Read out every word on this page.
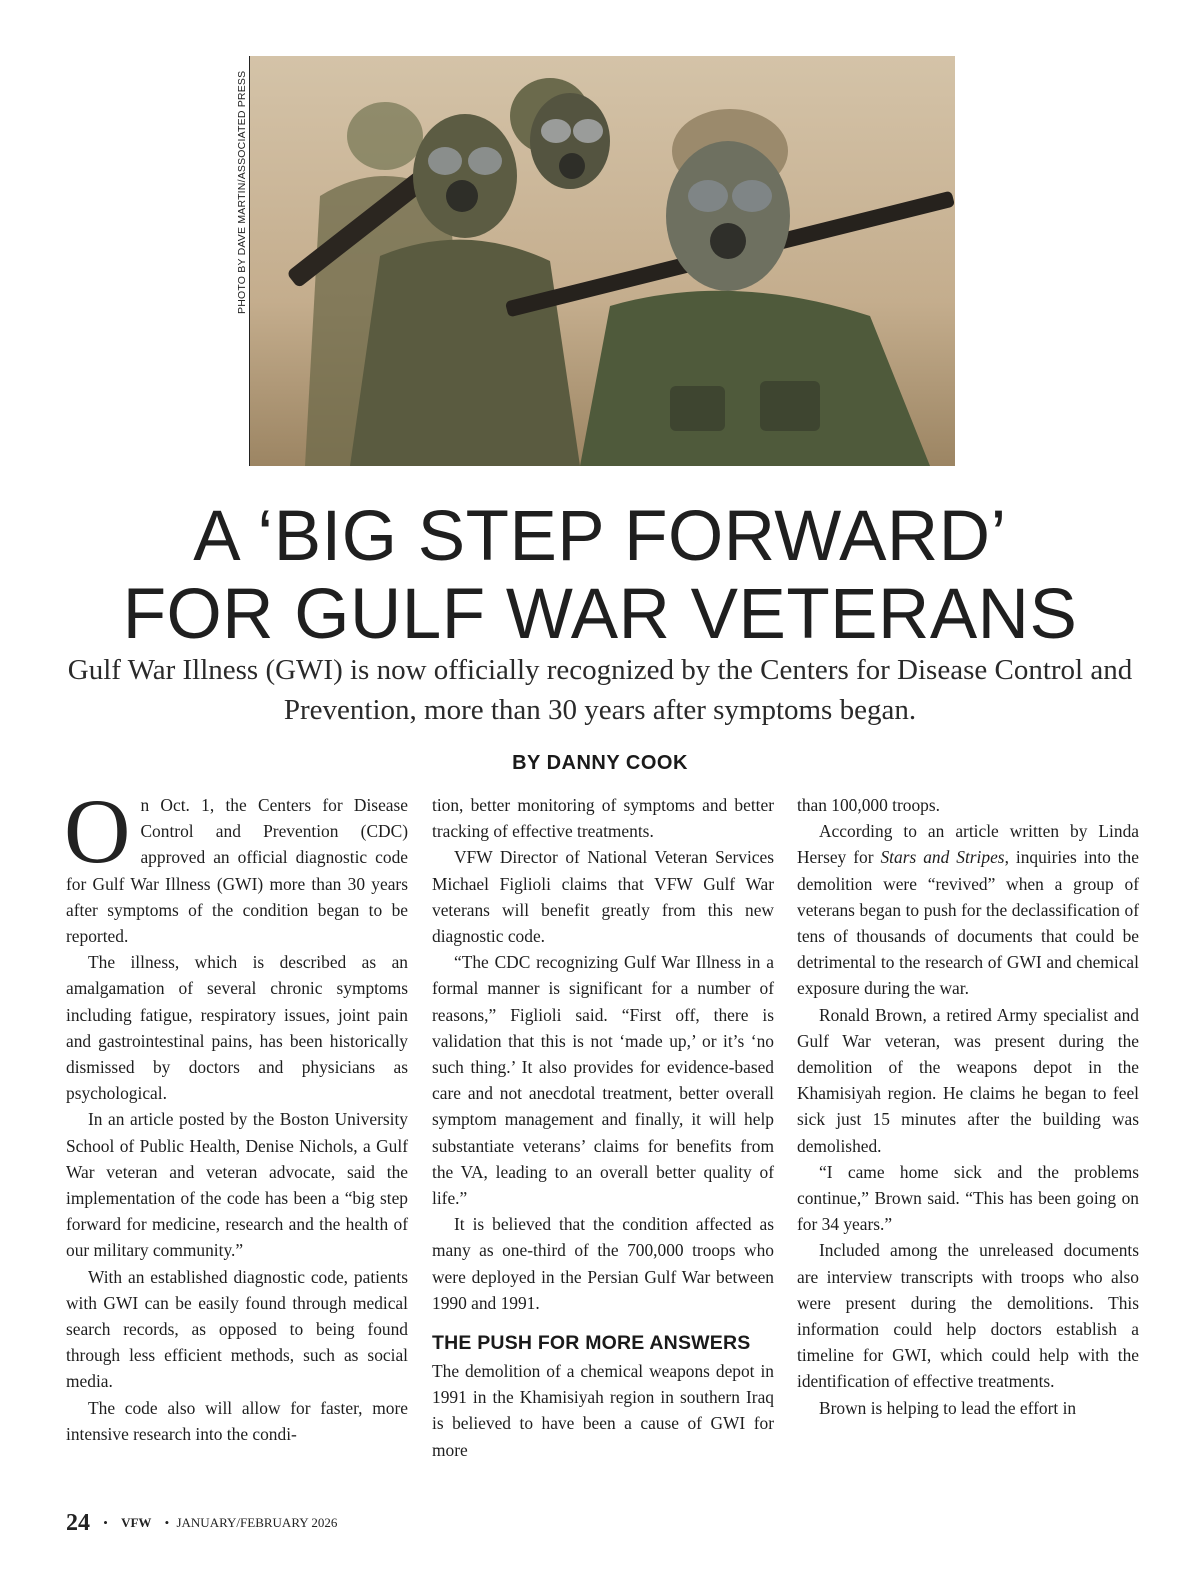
PHOTO BY DAVE MARTIN/ASSOCIATED PRESS
A ‘BIG STEP FORWARD’
FOR GULF WAR VETERANS

Gulf War Illness (GWI) is now officially recognized by the Centers for Disease Control and Prevention, more than 30 years after symptoms began.

BY DANNY COOK

On Oct. 1, the Centers for Disease Control and Prevention (CDC) approved an official diagnostic code for Gulf War Illness (GWI) more than 30 years after symptoms of the condition began to be reported.

The illness, which is described as an amalgamation of several chronic symptoms including fatigue, respiratory issues, joint pain and gastrointestinal pains, has been historically dismissed by doctors and physicians as psychological.

In an article posted by the Boston University School of Public Health, Denise Nichols, a Gulf War veteran and veteran advocate, said the implementation of the code has been a “big step forward for medicine, research and the health of our military community.”

With an established diagnostic code, patients with GWI can be easily found through medical search records, as opposed to being found through less efficient methods, such as social media.

The code also will allow for faster, more intensive research into the condi-

tion, better monitoring of symptoms and better tracking of effective treatments.

VFW Director of National Veteran Services Michael Figlioli claims that VFW Gulf War veterans will benefit greatly from this new diagnostic code.

“The CDC recognizing Gulf War Illness in a formal manner is significant for a number of reasons,” Figlioli said. “First off, there is validation that this is not ‘made up,’ or it’s ‘no such thing.’ It also provides for evidence-based care and not anecdotal treatment, better overall symptom management and finally, it will help substantiate veterans’ claims for benefits from the VA, leading to an overall better quality of life.”

It is believed that the condition affected as many as one-third of the 700,000 troops who were deployed in the Persian Gulf War between 1990 and 1991.

THE PUSH FOR MORE ANSWERS

The demolition of a chemical weapons depot in 1991 in the Khamisiyah region in southern Iraq is believed to have been a cause of GWI for more

than 100,000 troops.

According to an article written by Linda Hersey for Stars and Stripes, inquiries into the demolition were “revived” when a group of veterans began to push for the declassification of tens of thousands of documents that could be detrimental to the research of GWI and chemical exposure during the war.

Ronald Brown, a retired Army specialist and Gulf War veteran, was present during the demolition of the weapons depot in the Khamisiyah region. He claims he began to feel sick just 15 minutes after the building was demolished.

“I came home sick and the problems continue,” Brown said. “This has been going on for 34 years.”

Included among the unreleased documents are interview transcripts with troops who also were present during the demolitions. This information could help doctors establish a timeline for GWI, which could help with the identification of effective treatments.

Brown is helping to lead the effort in

24 • VFW • JANUARY/FEBRUARY 2026
